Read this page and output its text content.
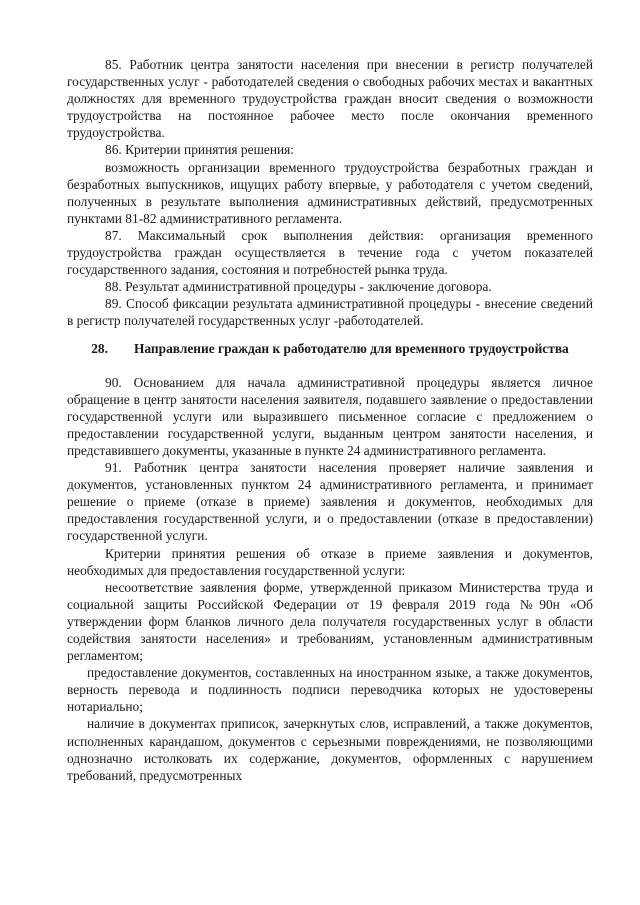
85. Работник центра занятости населения при внесении в регистр получателей государственных услуг - работодателей сведения о свободных рабочих местах и вакантных должностях для временного трудоустройства граждан вносит сведения о возможности трудоустройства на постоянное рабочее место после окончания временного трудоустройства.

86. Критерии принятия решения:

возможность организации временного трудоустройства безработных граждан и безработных выпускников, ищущих работу впервые, у работодателя с учетом сведений, полученных в результате выполнения административных действий, предусмотренных пунктами 81-82 административного регламента.

87. Максимальный срок выполнения действия: организация временного трудоустройства граждан осуществляется в течение года с учетом показателей государственного задания, состояния и потребностей рынка труда.

88. Результат административной процедуры - заключение договора.

89. Способ фиксации результата административной процедуры - внесение сведений в регистр получателей государственных услуг -работодателей.

28. Направление граждан к работодателю для временного трудоустройства

90. Основанием для начала административной процедуры является личное обращение в центр занятости населения заявителя, подавшего заявление о предоставлении государственной услуги или выразившего письменное согласие с предложением о предоставлении государственной услуги, выданным центром занятости населения, и представившего документы, указанные в пункте 24 административного регламента.

91. Работник центра занятости населения проверяет наличие заявления и документов, установленных пунктом 24 административного регламента, и принимает решение о приеме (отказе в приеме) заявления и документов, необходимых для предоставления государственной услуги, и о предоставлении (отказе в предоставлении) государственной услуги.

Критерии принятия решения об отказе в приеме заявления и документов, необходимых для предоставления государственной услуги:

несоответствие заявления форме, утвержденной приказом Министерства труда и социальной защиты Российской Федерации от 19 февраля 2019 года №90н «Об утверждении форм бланков личного дела получателя государственных услуг в области содействия занятости населения» и требованиям, установленным административным регламентом;

предоставление документов, составленных на иностранном языке, а также документов, верность перевода и подлинность подписи переводчика которых не удостоверены нотариально;

наличие в документах приписок, зачеркнутых слов, исправлений, а также документов, исполненных карандашом, документов с серьезными повреждениями, не позволяющими однозначно истолковать их содержание, документов, оформленных с нарушением требований, предусмотренных
